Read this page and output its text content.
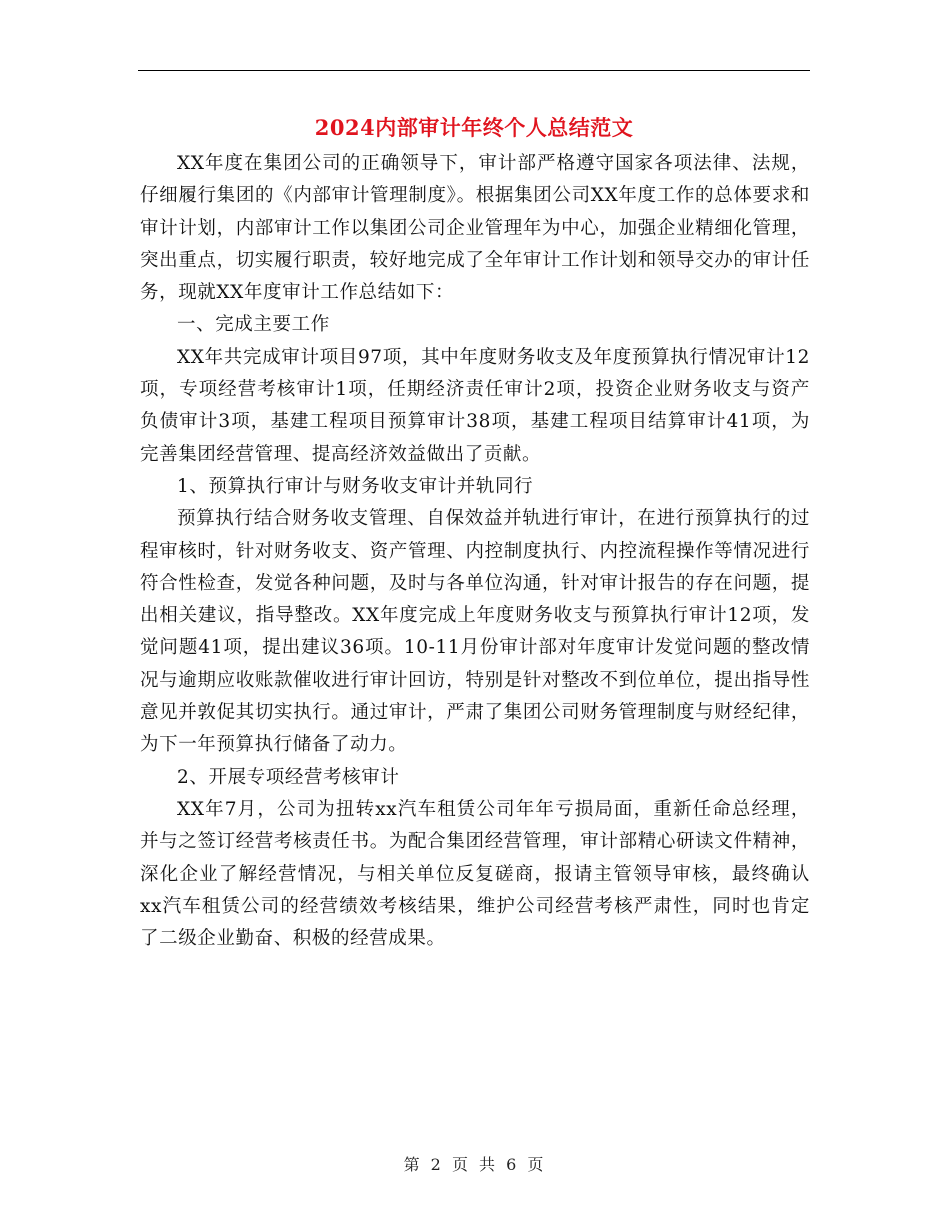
2024内部审计年终个人总结范文

XX年度在集团公司的正确领导下，审计部严格遵守国家各项法律、法规，仔细履行集团的《内部审计管理制度》。根据集团公司XX年度工作的总体要求和审计计划，内部审计工作以集团公司企业管理年为中心，加强企业精细化管理，突出重点，切实履行职责，较好地完成了全年审计工作计划和领导交办的审计任务，现就XX年度审计工作总结如下：

一、完成主要工作

XX年共完成审计项目97项，其中年度财务收支及年度预算执行情况审计12项，专项经营考核审计1项，任期经济责任审计2项，投资企业财务收支与资产负债审计3项，基建工程项目预算审计38项，基建工程项目结算审计41项，为完善集团经营管理、提高经济效益做出了贡献。

1、预算执行审计与财务收支审计并轨同行

预算执行结合财务收支管理、自保效益并轨进行审计，在进行预算执行的过程审核时，针对财务收支、资产管理、内控制度执行、内控流程操作等情况进行符合性检查，发觉各种问题，及时与各单位沟通，针对审计报告的存在问题，提出相关建议，指导整改。XX年度完成上年度财务收支与预算执行审计12项，发觉问题41项，提出建议36项。10-11月份审计部对年度审计发觉问题的整改情况与逾期应收账款催收进行审计回访，特别是针对整改不到位单位，提出指导性意见并敦促其切实执行。通过审计，严肃了集团公司财务管理制度与财经纪律，为下一年预算执行储备了动力。

2、开展专项经营考核审计

XX年7月，公司为扭转xx汽车租赁公司年年亏损局面，重新任命总经理，并与之签订经营考核责任书。为配合集团经营管理，审计部精心研读文件精神，深化企业了解经营情况，与相关单位反复磋商，报请主管领导审核，最终确认xx汽车租赁公司的经营绩效考核结果，维护公司经营考核严肃性，同时也肯定了二级企业勤奋、积极的经营成果。

第 2 页 共 6 页
